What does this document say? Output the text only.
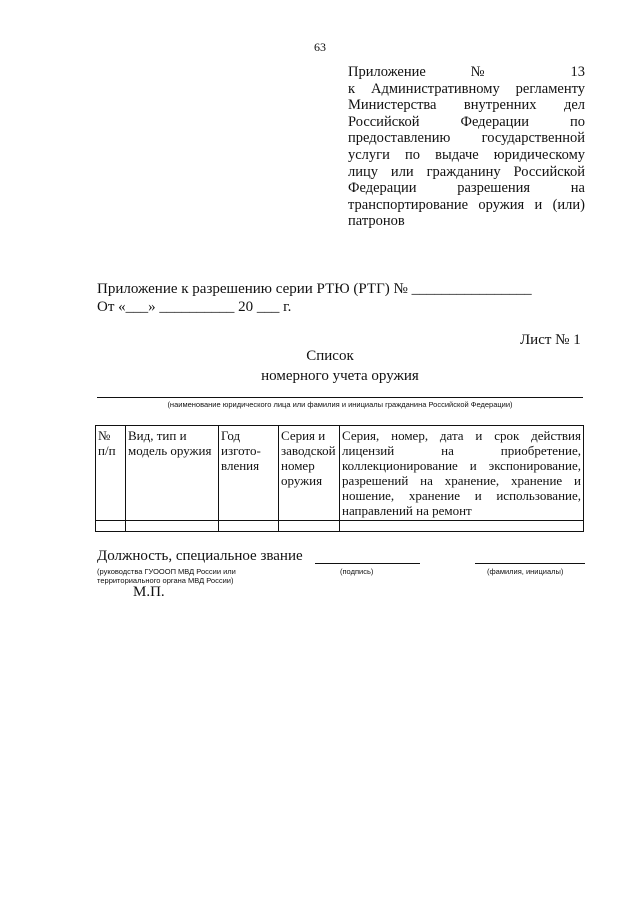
63
Приложение № 13
к Административному регламенту
Министерства внутренних дел
Российской Федерации по
предоставлению государственной
услуги по выдаче юридическому
лицу или гражданину Российской
Федерации разрешения на
транспортирование оружия и (или)
патронов
Приложение к разрешению серии РТЮ (РТГ) № ________________
От «___» __________ 20 ___ г.
Лист № 1
Список
номерного учета оружия
(наименование юридического лица или фамилия и инициалы гражданина Российской Федерации)
№ п/п	Вид, тип и модель оружия	Год изгото-вления	Серия и заводской номер оружия	Серия, номер, дата и срок действия лицензий на приобретение, коллекционирование и экспонирование, разрешений на хранение, хранение и ношение, хранение и использование, направлений на ремонт

Должность, специальное звание
(руководства ГУОООП МВД России или территориального органа МВД России)
(подпись)	(фамилия, инициалы)
М.П.
